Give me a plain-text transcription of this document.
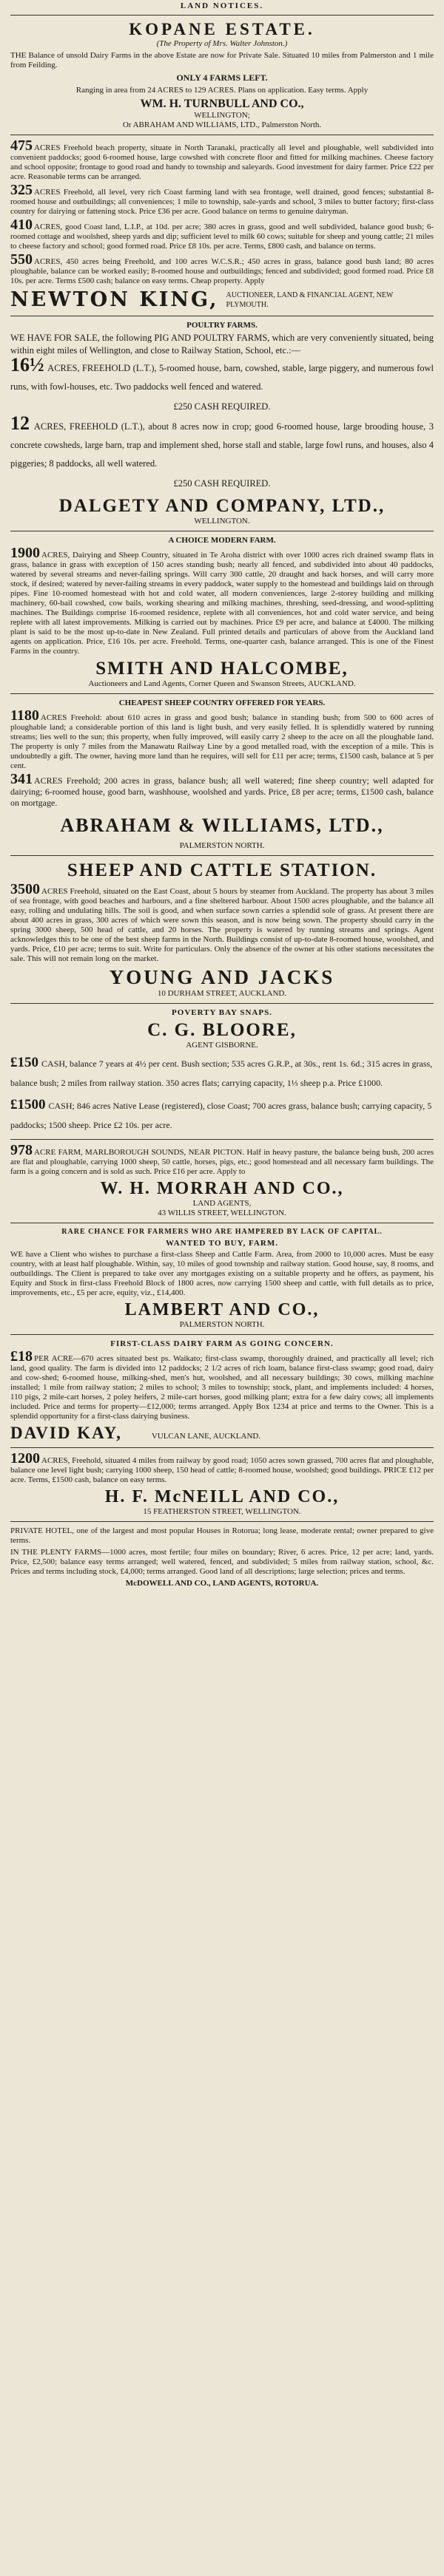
LAND NOTICES.
KOPANE ESTATE.
(The Property of Mrs. Walter Johnston.)

THE Balance of unsold Dairy Farms in the above Estate are now for Private Sale. Situated 10 miles from Palmerston and 1 mile from Feilding.

ONLY 4 FARMS LEFT.

Ranging in area from 24 ACRES to 129 ACRES. Plans on application. Easy terms. Apply

WM. H. TURNBULL AND CO.,
WELLINGTON;
Or ABRAHAM AND WILLIAMS, LTD., Palmerston North.

475 ACRES Freehold beach property, situate in North Taranaki, practically all level and ploughable, well subdivided into convenient paddocks; good 6-roomed house, large cowshed with concrete floor and fitted for milking machines. Cheese factory and school opposite; frontage to good road and handy to township and saleyards. Good investment for dairy farmer. Price £22 per acre. Reasonable terms can be arranged.

325 ACRES Freehold, all level, very rich Coast farming land with sea frontage, well drained, good fences; substantial 8-roomed house and outbuildings; all conveniences; 1 mile to township, sale-yards and school, 3 miles to butter factory; first-class country for dairying or fattening stock. Price £36 per acre. Good balance on terms to genuine dairyman.

410 ACRES, good Coast land, L.I.P., at 10d. per acre; 380 acres in grass, good and well subdivided, balance good bush; 6-roomed cottage and woolshed, sheep yards and dip; sufficient level to milk 60 cows; suitable for sheep and young cattle; 21 miles to cheese factory and school; good formed road. Price £8 10s. per acre. Terms, £800 cash, and balance on terms.

550 ACRES, 450 acres being Freehold, and 100 acres W.C.S.R.; 450 acres in grass, balance good bush land; 80 acres ploughable, balance can be worked easily; 8-roomed house and outbuildings; fenced and subdivided; good formed road. Price £8 10s. per acre. Terms £500 cash; balance on easy terms. Cheap property. Apply

NEWTON KING, AUCTIONEER, LAND & FINANCIAL AGENT, NEW PLYMOUTH.
POULTRY FARMS.

WE HAVE FOR SALE, the following PIG AND POULTRY FARMS, which are very conveniently situated, being within eight miles of Wellington, and close to Railway Station, School, etc.:—

16½ ACRES, FREEHOLD (L.T.), 5-roomed house, barn, cowshed, stable, large piggery, and numerous fowl runs, with fowl-houses, etc. Two paddocks well fenced and watered.

£250 CASH REQUIRED.

12 ACRES, FREEHOLD (L.T.), about 8 acres now in crop; good 6-roomed house, large brooding house, 3 concrete cowsheds, large barn, trap and implement shed, horse stall and stable, large fowl runs, and houses, also 4 piggeries; 8 paddocks, all well watered.

£250 CASH REQUIRED.
DALGETY AND COMPANY, LTD.,
WELLINGTON.
A CHOICE MODERN FARM.

1900 ACRES, Dairying and Sheep Country, situated in Te Aroha district with over 1000 acres rich drained swamp flats in grass, balance in grass with exception of 150 acres standing bush; nearly all fenced, and subdivided into about 40 paddocks, watered by several streams and never-failing springs. Will carry 300 cattle, 20 draught and hack horses, and will carry more stock, if desired; watered by never-failing streams in every paddock, water supply to the homestead and buildings laid on through pipes. Fine 10-roomed homestead with hot and cold water, all modern conveniences, large 2-storey building and milking machinery, 60-bail cowshed, cow bails, working shearing and milking machines, threshing, seed-dressing, and wood-splitting machines. The Buildings comprise 16-roomed residence, replete with all conveniences, hot and cold water service, and being replete with all latest improvements. Milking is carried out by machines. Price £9 per acre, and balance at £4000. The milking plant is said to be the most up-to-date in New Zealand. Full printed details and particulars of above from the Auckland land agents on application. Price, £16 10s. per acre. Freehold. Terms, one-quarter cash, balance arranged. This is one of the Finest Farms in the country.

SMITH AND HALCOMBE,
Auctioneers and Land Agents, Corner Queen and Swanson Streets, AUCKLAND.
CHEAPEST SHEEP COUNTRY OFFERED FOR YEARS.

1180 ACRES Freehold: about 610 acres in grass and good bush; balance in standing bush; from 500 to 600 acres of ploughable land; a considerable portion of this land is light bush, and very easily felled. It is splendidly watered by running streams; lies well to the sun; this property, when fully improved, will easily carry 2 sheep to the acre on all the ploughable land. The property is only 7 miles from the Manawatu Railway Line by a good metalled road, with the exception of a mile. This is undoubtedly a gift. The owner, having more land than he requires, will sell for £11 per acre; terms, £1500 cash, balance at 5 per cent.

341 ACRES Freehold; 200 acres in grass, balance bush; all well watered; fine sheep country; well adapted for dairying; 6-roomed house, good barn, washhouse, woolshed and yards. Price, £8 per acre; terms, £1500 cash, balance on mortgage.

ABRAHAM & WILLIAMS, LTD.,
PALMERSTON NORTH.
SHEEP AND CATTLE STATION.

3500 ACRES Freehold, situated on the East Coast, about 5 hours by steamer from Auckland. The property has about 3 miles of sea frontage, with good beaches and harbours, and a fine sheltered harbour. About 1500 acres ploughable, and the balance all easy, rolling and undulating hills. The soil is good, and when surface sown carries a splendid sole of grass. At present there are about 400 acres in grass, 300 acres of which were sown this season, and is now being sown. The property should carry in the spring 3000 sheep, 500 head of cattle, and 20 horses. The property is watered by running streams and springs. Agent acknowledges this to be one of the best sheep farms in the North. Buildings consist of up-to-date 8-roomed house, woolshed, and yards. Price, £10 per acre; terms to suit. Write for particulars. Only the absence of the owner at his other stations necessitates the sale. This will not remain long on the market.

YOUNG AND JACKS
10 DURHAM STREET, AUCKLAND.
POVERTY BAY SNAPS.
C. G. BLOORE,
AGENT GISBORNE.

£150 CASH, balance 7 years at 4½ per cent. Bush section; 535 acres G.R.P., at 30s., rent 1s. 6d.; 315 acres in grass, balance bush; 2 miles from railway station. 350 acres flats; carrying capacity, 1⅓ sheep p.a. Price £1000.

£1500 CASH; 846 acres Native Lease (registered), close Coast; 700 acres grass, balance bush; carrying capacity, 5 paddocks; 1500 sheep. Price £2 10s. per acre.

978 ACRE FARM, MARLBOROUGH SOUNDS, NEAR PICTON. Half in heavy pasture, the balance being bush, 200 acres are flat and ploughable, carrying 1000 sheep, 50 cattle, horses, pigs, etc.; good homestead and all necessary farm buildings. The farm is a going concern and is sold as such. Price £16 per acre. Apply to

W. H. MORRAH AND CO.,
LAND AGENTS,
43 WILLIS STREET, WELLINGTON.
RARE CHANCE FOR FARMERS WHO ARE HAMPERED BY LACK OF CAPITAL.
WANTED TO BUY, FARM.

WE have a Client who wishes to purchase a first-class Sheep and Cattle Farm. Area, from 2000 to 10,000 acres. Must be easy country, with at least half ploughable. Within, say, 10 miles of good township and railway station. Good house, say, 8 rooms, and outbuildings. The Client is prepared to take over any mortgages existing on a suitable property and he offers, as payment, his Equity and Stock in first-class Freehold Block of 1800 acres, now carrying 1500 sheep and cattle, with full details as to price, improvements, etc., £5 per acre, equity, viz., £14,400.

LAMBERT AND CO.,
PALMERSTON NORTH.
FIRST-CLASS DAIRY FARM AS GOING CONCERN.

£18 PER ACRE—670 acres situated best ps. Waikato; first-class swamp, thoroughly drained, and practically all level; rich land, good quality. The farm is divided into 12 paddocks; 2 1/2 acres of rich loam, balance first-class swamp; good road, dairy and cow-shed; 6-roomed house, milking-shed, men's hut, woolshed, and all necessary buildings; 30 cows, milking machine installed; 1 mile from railway station; 2 miles to school; 3 miles to township; stock, plant, and implements included: 4 horses, 110 pigs, 2 mile-cart horses, 2 poley heifers, 2 mile-cart horses, good milking plant; extra for a few dairy cows; all implements included. Price and terms for property—£12,000; terms arranged. Apply Box 1234 at price and terms to the Owner. This is a splendid opportunity for a first-class dairying business.

DAVID KAY,	VULCAN LANE, AUCKLAND.

1200 ACRES, Freehold, situated 4 miles from railway by good road; 1050 acres sown grassed, 700 acres flat and ploughable, balance one level light bush; carrying 1000 sheep, 150 head of cattle; 8-roomed house, woolshed; good buildings. PRICE £12 per acre. Terms, £1500 cash, balance on easy terms.

H. F. McNEILL AND CO.,
15 FEATHERSTON STREET, WELLINGTON.

PRIVATE HOTEL, one of the largest and most popular Houses in Rotorua; long lease, moderate rental; owner prepared to give terms.

IN THE PLENTY FARMS—1000 acres, most fertile; four miles on boundary; River, 6 acres. Price, 12 per acre; land, yards. Price, £2,500; balance easy terms arranged; well watered, fenced, and subdivided; 5 miles from railway station, school, &c. Prices and terms including stock, £4,000; terms arranged. Good land of all descriptions; large selection; prices and terms.

McDOWELL AND CO., LAND AGENTS, ROTORUA.
